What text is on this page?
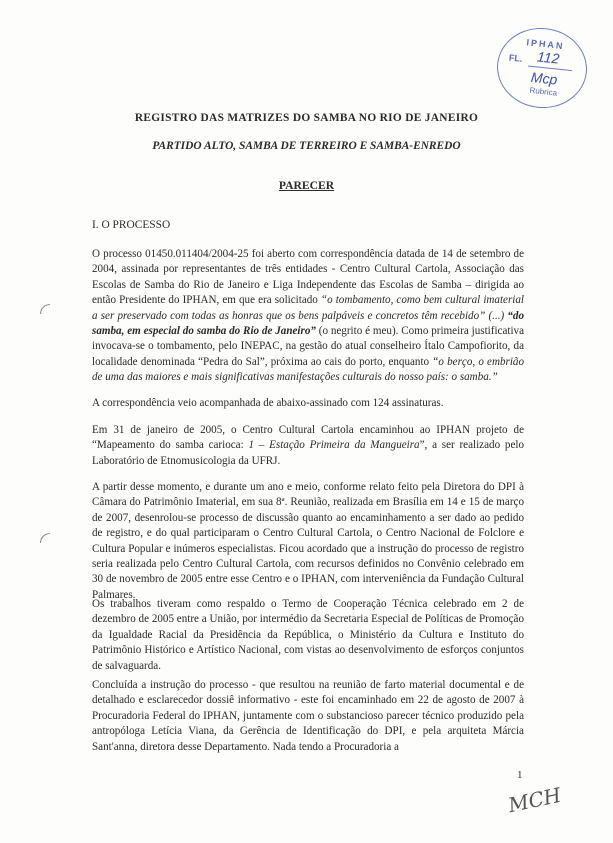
IPHAN
FL. 112
Mcp
Rubrica
REGISTRO DAS MATRIZES DO SAMBA NO RIO DE JANEIRO
PARTIDO ALTO, SAMBA DE TERREIRO E SAMBA-ENREDO
PARECER
I. O PROCESSO

O processo 01450.011404/2004-25 foi aberto com correspondência datada de 14 de setembro de 2004, assinada por representantes de três entidades - Centro Cultural Cartola, Associação das Escolas de Samba do Rio de Janeiro e Liga Independente das Escolas de Samba – dirigida ao então Presidente do IPHAN, em que era solicitado “o tombamento, como bem cultural imaterial a ser preservado com todas as honras que os bens palpáveis e concretos têm recebido” (...) “do samba, em especial do samba do Rio de Janeiro” (o negrito é meu). Como primeira justificativa invocava-se o tombamento, pelo INEPAC, na gestão do atual conselheiro Ítalo Campofiorito, da localidade denominada “Pedra do Sal”, próxima ao cais do porto, enquanto “o berço, o embrião de uma das maiores e mais significativas manifestações culturais do nosso país: o samba.”

A correspondência veio acompanhada de abaixo-assinado com 124 assinaturas.

Em 31 de janeiro de 2005, o Centro Cultural Cartola encaminhou ao IPHAN projeto de “Mapeamento do samba carioca: 1 – Estação Primeira da Mangueira”, a ser realizado pelo Laboratório de Etnomusicologia da UFRJ.

A partir desse momento, e durante um ano e meio, conforme relato feito pela Diretora do DPI à Câmara do Patrimônio Imaterial, em sua 8ª. Reunião, realizada em Brasília em 14 e 15 de março de 2007, desenrolou-se processo de discussão quanto ao encaminhamento a ser dado ao pedido de registro, e do qual participaram o Centro Cultural Cartola, o Centro Nacional de Folclore e Cultura Popular e inúmeros especialistas. Ficou acordado que a instrução do processo de registro seria realizada pelo Centro Cultural Cartola, com recursos definidos no Convênio celebrado em 30 de novembro de 2005 entre esse Centro e o IPHAN, com interveniência da Fundação Cultural Palmares.

Os trabalhos tiveram como respaldo o Termo de Cooperação Técnica celebrado em 2 de dezembro de 2005 entre a União, por intermédio da Secretaria Especial de Políticas de Promoção da Igualdade Racial da Presidência da República, o Ministério da Cultura e Instituto do Patrimônio Histórico e Artístico Nacional, com vistas ao desenvolvimento de esforços conjuntos de salvaguarda.

Concluída a instrução do processo - que resultou na reunião de farto material documental e de detalhado e esclarecedor dossiê informativo - este foi encaminhado em 22 de agosto de 2007 à Procuradoria Federal do IPHAN, juntamente com o substancioso parecer técnico produzido pela antropóloga Letícia Viana, da Gerência de Identificação do DPI, e pela arquiteta Márcia Sant'anna, diretora desse Departamento. Nada tendo a Procuradoria a

1
MCH
